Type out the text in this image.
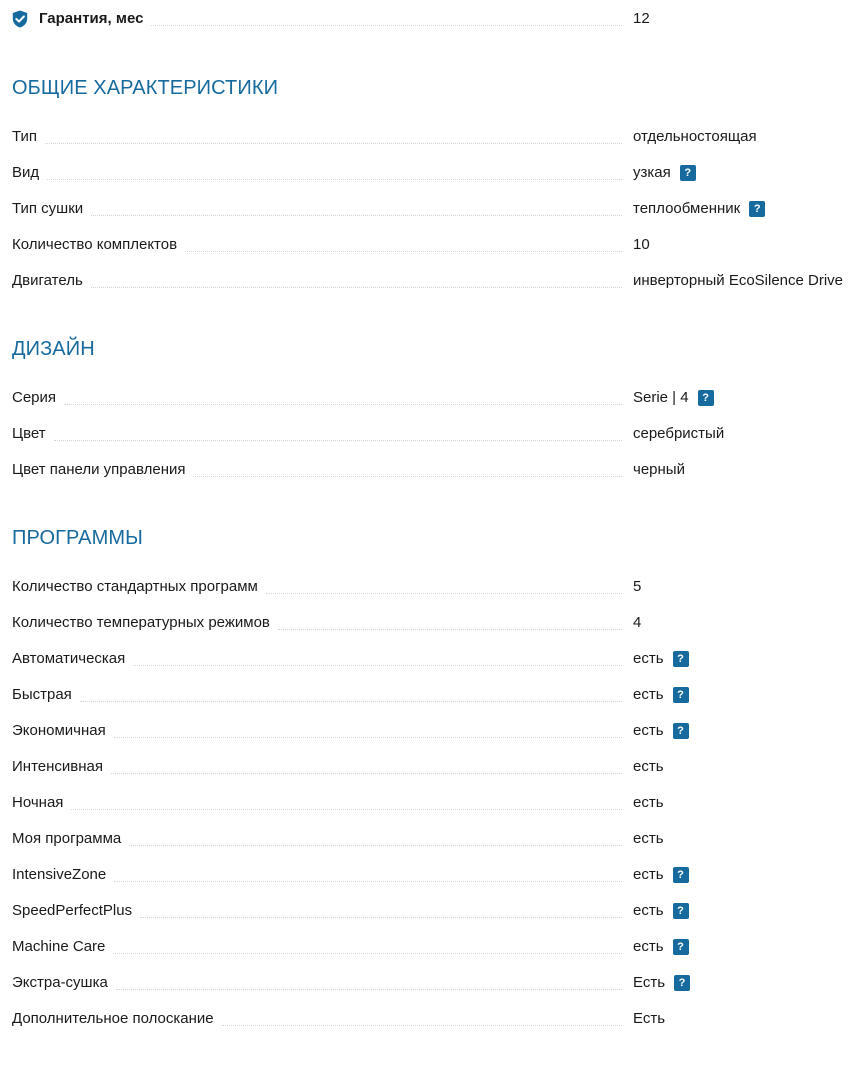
Гарантия, мес	12
ОБЩИЕ ХАРАКТЕРИСТИКИ
ДИЗАЙН
ПРОГРАММЫ
Тип	отдельностоящая
Вид	узкая	?
Тип сушки	теплообменник	?
Количество комплектов	10
Двигатель	инверторный EcoSilence Drive
Серия	Serie | 4	?
Цвет	серебристый
Цвет панели управления	черный
Количество стандартных программ	5
Количество температурных режимов	4
Автоматическая	есть	?
Быстрая	есть	?
Экономичная	есть	?
Интенсивная	есть
Ночная	есть
Моя программа	есть
IntensiveZone	есть	?
SpeedPerfectPlus	есть	?
Machine Care	есть	?
Экстра-сушка	Есть	?
Дополнительное полоскание	Есть
